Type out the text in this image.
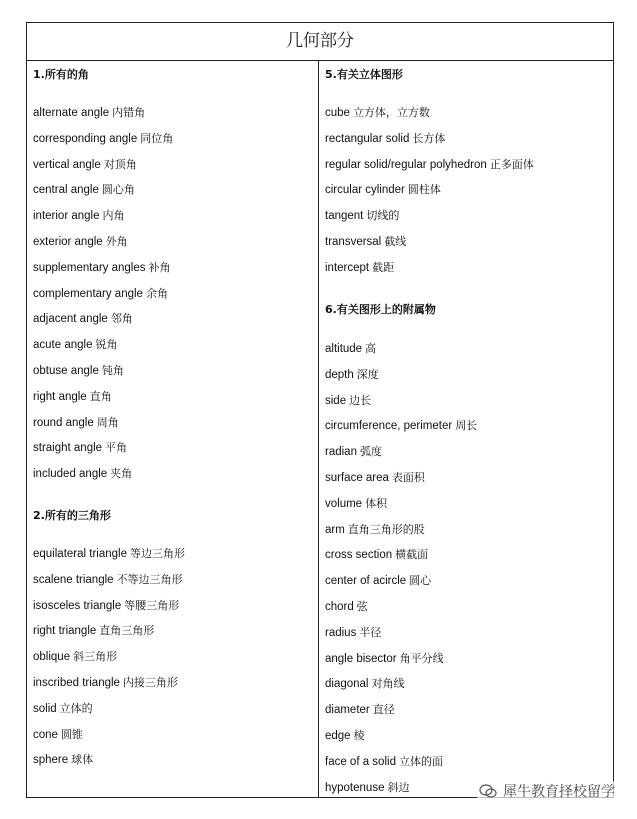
几何部分
1.所有的角
alternate angle 内错角
corresponding angle 同位角
vertical angle 对顶角
central angle 圆心角
interior angle 内角
exterior angle 外角
supplementary angles 补角
complementary angle 余角
adjacent angle 邻角
acute angle 锐角
obtuse angle 钝角
right angle 直角
round angle 周角
straight angle 平角
included angle 夹角
2.所有的三角形
equilateral triangle 等边三角形
scalene triangle 不等边三角形
isosceles triangle 等腰三角形
right triangle 直角三角形
oblique 斜三角形
inscribed triangle 内接三角形
solid 立体的
cone 圆锥
sphere 球体
5.有关立体图形
cube 立方体，立方数
rectangular solid 长方体
regular solid/regular polyhedron 正多面体
circular cylinder 圆柱体
tangent 切线的
transversal 截线
intercept 截距
6.有关图形上的附属物
altitude 高
depth 深度
side 边长
circumference, perimeter 周长
radian 弧度
surface area 表面积
volume 体积
arm 直角三角形的股
cross section 横截面
center of acircle 圆心
chord 弦
radius 半径
angle bisector 角平分线
diagonal 对角线
diameter 直径
edge 棱
face of a solid 立体的面
hypotenuse 斜边	犀牛教育择校留学
